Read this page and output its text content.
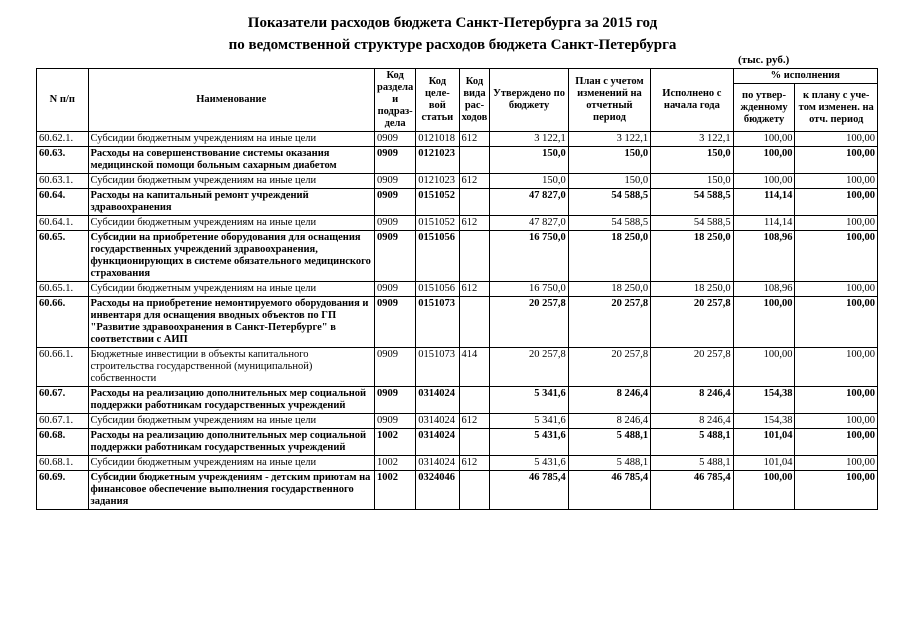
Показатели расходов бюджета Санкт-Петербурга за 2015 год
по ведомственной структуре расходов бюджета Санкт-Петербурга
(тыс. руб.)
N п/п	Наименование	Код раздела и подраз-дела	Код целе-вой статьи	Код вида рас-ходов	Утверждено по бюджету	План с учетом изменений на отчетный период	Исполнено с начала года	% исполнения	
								по утвер-жденному бюджету	к плану с уче-том изменен. на отч. период
60.62.1.	Субсидии бюджетным учреждениям на иные цели	0909	0121018	612	3 122,1	3 122,1	3 122,1	100,00	100,00
60.63.	Расходы на совершенствование системы оказания медицинской помощи больным сахарным диабетом	0909	0121023		150,0	150,0	150,0	100,00	100,00
60.63.1.	Субсидии бюджетным учреждениям на иные цели	0909	0121023	612	150,0	150,0	150,0	100,00	100,00
60.64.	Расходы на капитальный ремонт учреждений здравоохранения	0909	0151052		47 827,0	54 588,5	54 588,5	114,14	100,00
60.64.1.	Субсидии бюджетным учреждениям на иные цели	0909	0151052	612	47 827,0	54 588,5	54 588,5	114,14	100,00
60.65.	Субсидии на приобретение оборудования для оснащения государственных учреждений здравоохранения, функционирующих в системе обязательного медицинского страхования	0909	0151056		16 750,0	18 250,0	18 250,0	108,96	100,00
60.65.1.	Субсидии бюджетным учреждениям на иные цели	0909	0151056	612	16 750,0	18 250,0	18 250,0	108,96	100,00
60.66.	Расходы на приобретение немонтируемого оборудования и инвентаря для оснащения вводных объектов по ГП "Развитие здравоохранения в Санкт-Петербурге" в соответствии с АИП	0909	0151073		20 257,8	20 257,8	20 257,8	100,00	100,00
60.66.1.	Бюджетные инвестиции в объекты капитального строительства государственной (муниципальной) собственности	0909	0151073	414	20 257,8	20 257,8	20 257,8	100,00	100,00
60.67.	Расходы на реализацию дополнительных мер социальной поддержки работникам государственных учреждений	0909	0314024		5 341,6	8 246,4	8 246,4	154,38	100,00
60.67.1.	Субсидии бюджетным учреждениям на иные цели	0909	0314024	612	5 341,6	8 246,4	8 246,4	154,38	100,00
60.68.	Расходы на реализацию дополнительных мер социальной поддержки работникам государственных учреждений	1002	0314024		5 431,6	5 488,1	5 488,1	101,04	100,00
60.68.1.	Субсидии бюджетным учреждениям на иные цели	1002	0314024	612	5 431,6	5 488,1	5 488,1	101,04	100,00
60.69.	Субсидии бюджетным учреждениям - детским приютам на финансовое обеспечение выполнения государственного задания	1002	0324046		46 785,4	46 785,4	46 785,4	100,00	100,00
